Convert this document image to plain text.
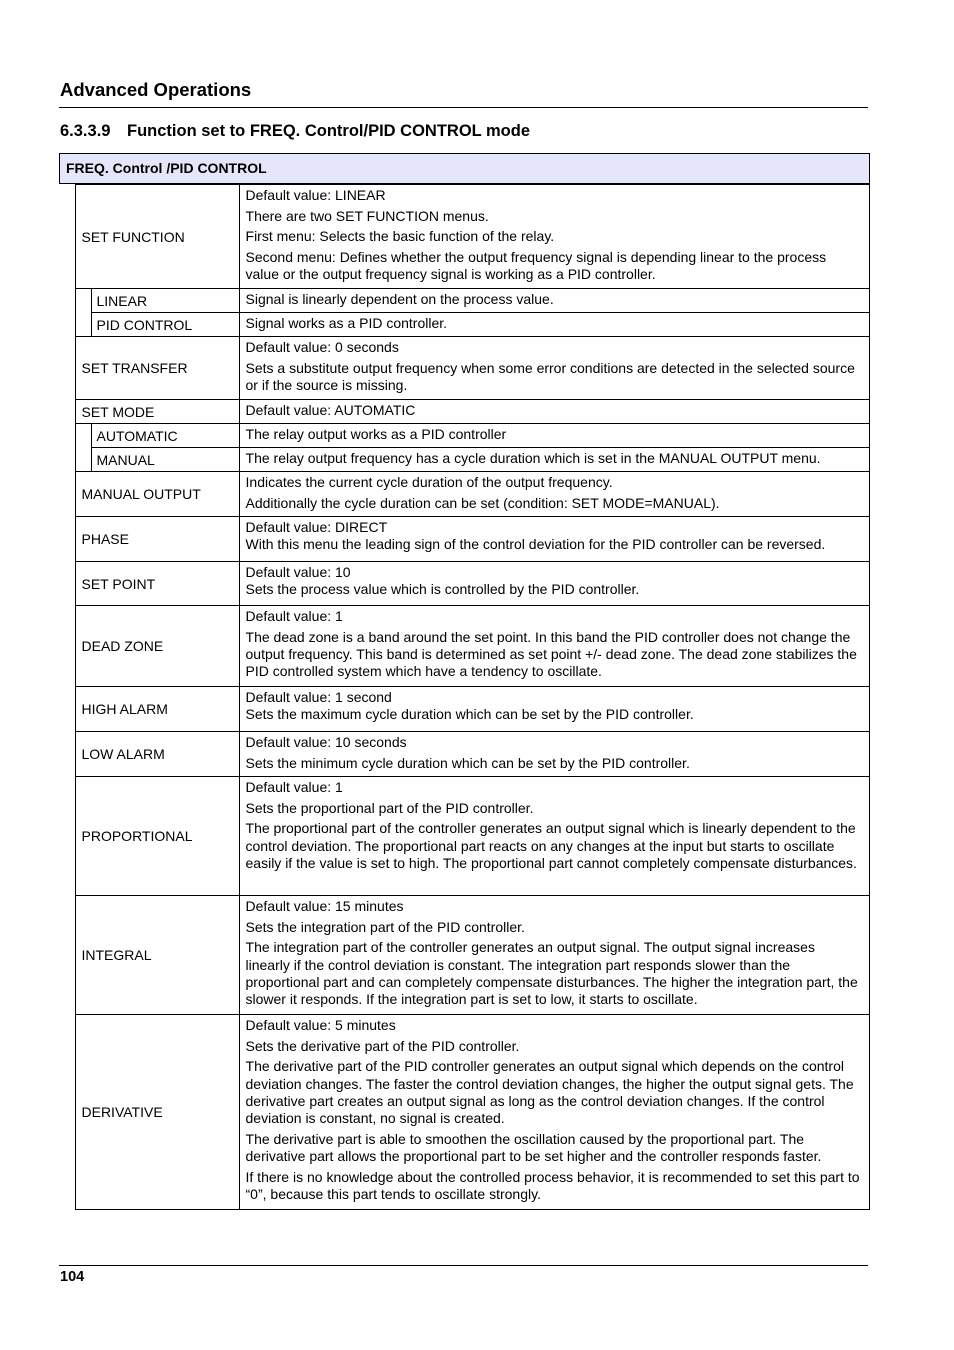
Advanced Operations
6.3.3.9 Function set to FREQ. Control/PID CONTROL mode
FREQ. Control /PID CONTROL
	SET FUNCTION		Default value: LINEAR

There are two SET FUNCTION menus.

First menu: Selects the basic function of the relay.

Second menu: Defines whether the output frequency signal is depending linear to the process value or the output frequency signal is working as a PID controller.

		LINEAR	Signal is linearly dependent on the process value.

		PID CONTROL	Signal works as a PID controller.

	SET TRANSFER		Default value: 0 seconds

Sets a substitute output frequency when some error conditions are detected in the selected source or if the source is missing.

	SET MODE		Default value: AUTOMATIC

		AUTOMATIC	The relay output works as a PID controller

		MANUAL	The relay output frequency has a cycle duration which is set in the MANUAL OUTPUT menu.

	MANUAL OUTPUT		Indicates the current cycle duration of the output frequency.

Additionally the cycle duration can be set (condition: SET MODE=MANUAL).

	PHASE		Default value: DIRECT
With this menu the leading sign of the control deviation for the PID controller can be reversed.

	SET POINT		Default value: 10
Sets the process value which is controlled by the PID controller.

	DEAD ZONE		Default value: 1

The dead zone is a band around the set point. In this band the PID controller does not change the output frequency. This band is determined as set point +/- dead zone. The dead zone stabilizes the PID controlled system which have a tendency to oscillate.

	HIGH ALARM		Default value: 1 second
Sets the maximum cycle duration which can be set by the PID controller.

	LOW ALARM		Default value: 10 seconds

Sets the minimum cycle duration which can be set by the PID controller.

	PROPORTIONAL		Default value: 1

Sets the proportional part of the PID controller.

The proportional part of the controller generates an output signal which is linearly dependent to the control deviation. The proportional part reacts on any changes at the input but starts to oscillate easily if the value is set to high. The proportional part cannot completely compensate disturbances.

	INTEGRAL		Default value: 15 minutes

Sets the integration part of the PID controller.

The integration part of the controller generates an output signal. The output signal increases linearly if the control deviation is constant. The integration part responds slower than the proportional part and can completely compensate disturbances. The higher the integration part, the slower it responds. If the integration part is set to low, it starts to oscillate.

	DERIVATIVE		Default value: 5 minutes

Sets the derivative part of the PID controller.

The derivative part of the PID controller generates an output signal which depends on the control deviation changes. The faster the control deviation changes, the higher the output signal gets. The derivative part creates an output signal as long as the control deviation changes. If the control deviation is constant, no signal is created.

The derivative part is able to smoothen the oscillation caused by the proportional part. The derivative part allows the proportional part to be set higher and the controller responds faster.

If there is no knowledge about the controlled process behavior, it is recommended to set this part to “0”, because this part tends to oscillate strongly.

104
